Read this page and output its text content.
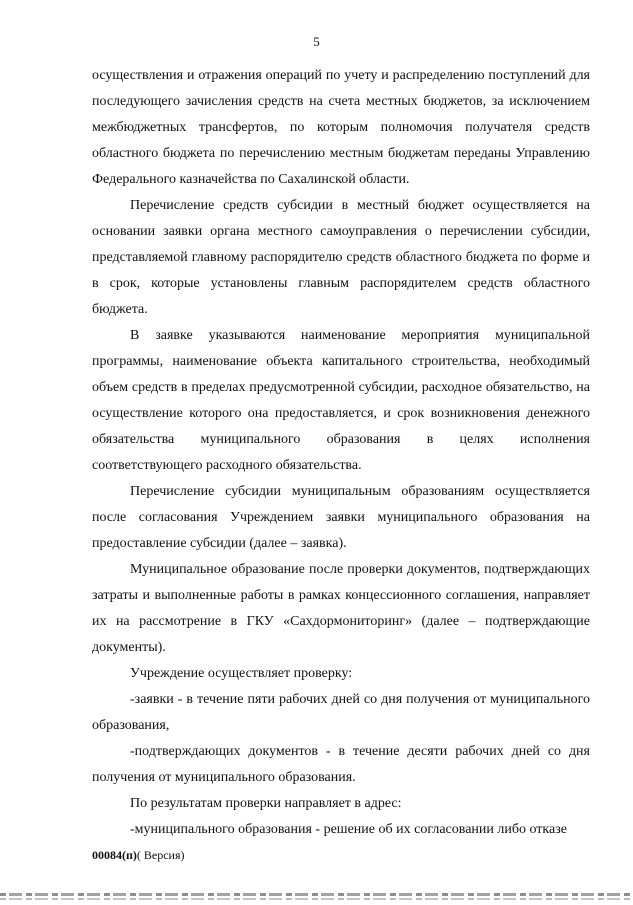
5

осуществления и отражения операций по учету и распределению поступлений для последующего зачисления средств на счета местных бюджетов, за исключением межбюджетных трансфертов, по которым полномочия получателя средств областного бюджета по перечислению местным бюджетам переданы Управлению Федерального казначейства по Сахалинской области.

Перечисление средств субсидии в местный бюджет осуществляется на основании заявки органа местного самоуправления о перечислении субсидии, представляемой главному распорядителю средств областного бюджета по форме и в срок, которые установлены главным распорядителем средств областного бюджета.

В заявке указываются наименование мероприятия муниципальной программы, наименование объекта капитального строительства, необходимый объем средств в пределах предусмотренной субсидии, расходное обязательство, на осуществление которого она предоставляется, и срок возникновения денежного обязательства муниципального образования в целях исполнения соответствующего расходного обязательства.

Перечисление субсидии муниципальным образованиям осуществляется после согласования Учреждением заявки муниципального образования на предоставление субсидии (далее – заявка).

Муниципальное образование после проверки документов, подтверждающих затраты и выполненные работы в рамках концессионного соглашения, направляет их на рассмотрение в ГКУ «Сахдормониторинг» (далее – подтверждающие документы).

Учреждение осуществляет проверку:

-заявки - в течение пяти рабочих дней со дня получения от муниципального образования,

-подтверждающих документов - в течение десяти рабочих дней со дня получения от муниципального образования.

По результатам проверки направляет в адрес:

-муниципального образования - решение об их согласовании либо отказе

00084(п)( Версия)
